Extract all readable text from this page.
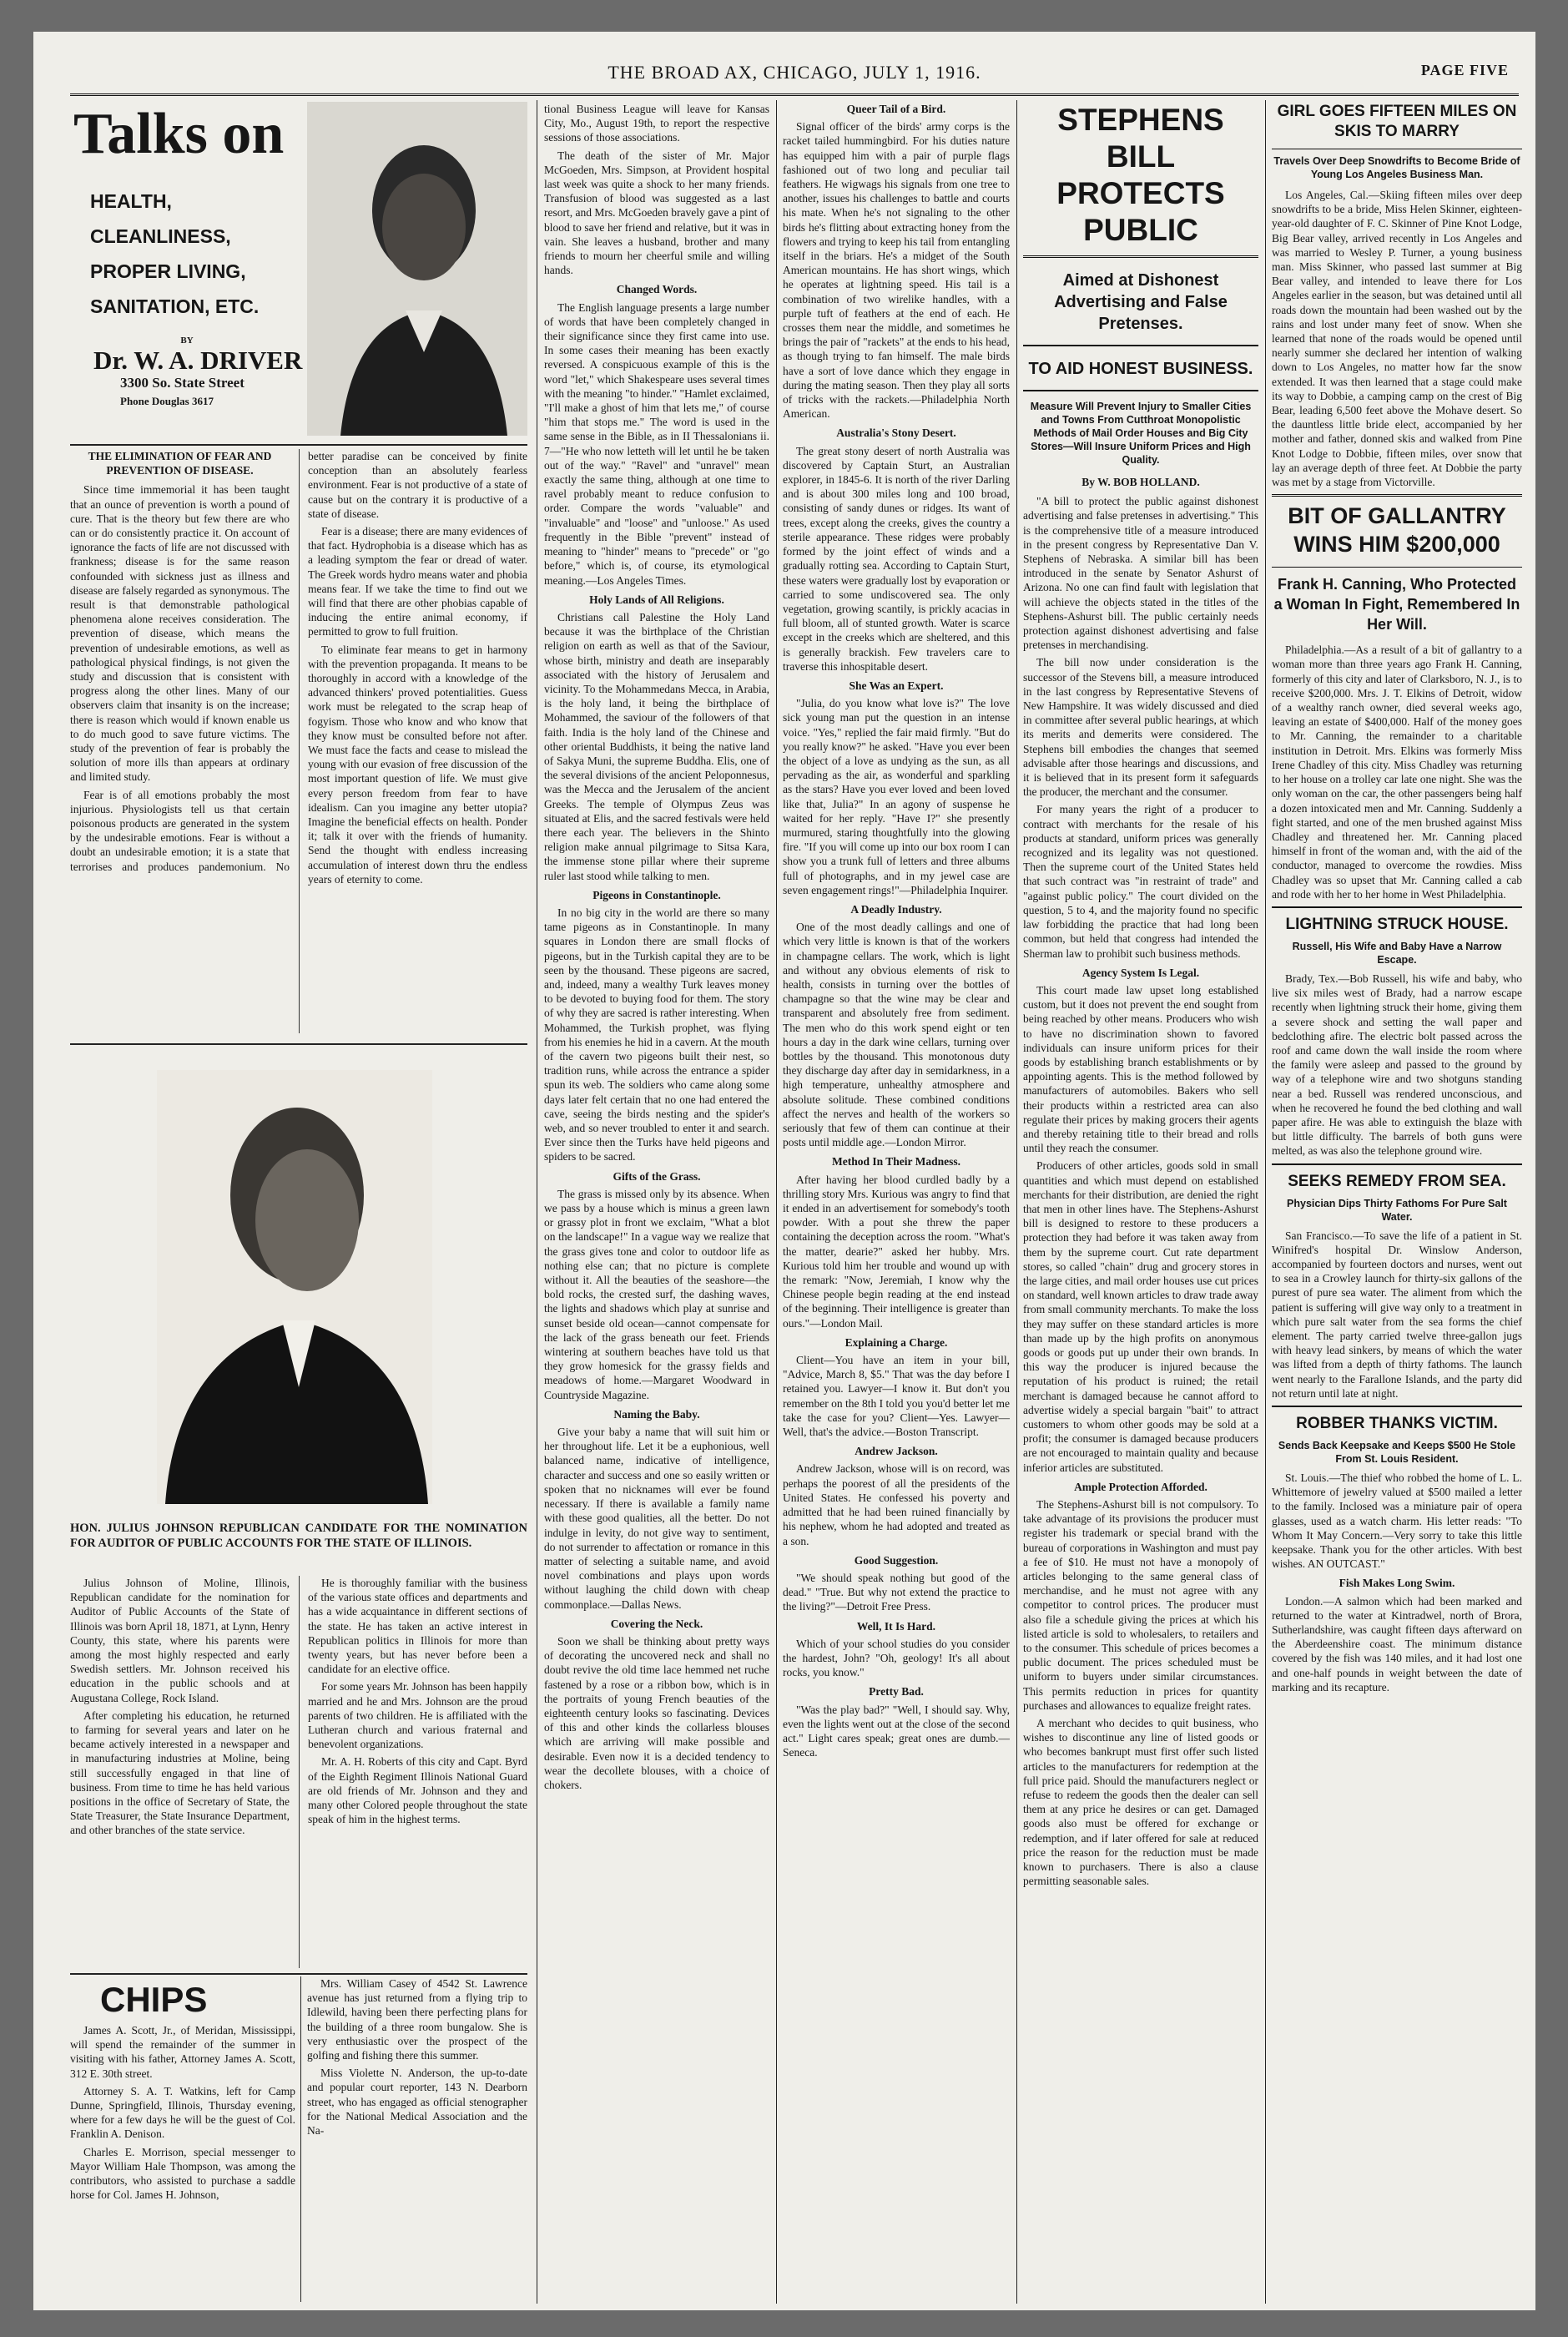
THE BROAD AX, CHICAGO, JULY 1, 1916.	PAGE FIVE
Talks on
HEALTH,
CLEANLINESS,
PROPER LIVING,
SANITATION, ETC.
BY
Dr. W. A. DRIVER
3300 So. State Street
Phone Douglas 3617
THE ELIMINATION OF FEAR AND PREVENTION OF DISEASE.

Since time immemorial it has been taught that an ounce of prevention is worth a pound of cure. That is the theory but few there are who can or do consistently practice it. On account of ignorance the facts of life are not discussed with frankness; disease is for the same reason confounded with sickness just as illness and disease are falsely regarded as synonymous. The result is that demonstrable pathological phenomena alone receives consideration. The prevention of disease, which means the prevention of undesirable emotions, as well as pathological physical findings, is not given the study and discussion that is consistent with progress along the other lines. Many of our observers claim that insanity is on the increase; there is reason which would if known enable us to do much good to save future victims. The study of the prevention of fear is probably the solution of more ills than appears at ordinary and limited study.

Fear is of all emotions probably the most injurious. Physiologists tell us that certain poisonous products are generated in the system by the undesirable emotions. Fear is without a doubt an undesirable emotion; it is a state that terrorises and produces pandemonium. No better paradise can be conceived by finite conception than an absolutely fearless environment. Fear is not productive of a state of cause but on the contrary it is productive of a state of disease.

Fear is a disease; there are many evidences of that fact. Hydrophobia is a disease which has as a leading symptom the fear or dread of water. The Greek words hydro means water and phobia means fear. If we take the time to find out we will find that there are other phobias capable of inducing the entire animal economy, if permitted to grow to full fruition.

To eliminate fear means to get in harmony with the prevention propaganda. It means to be thoroughly in accord with a knowledge of the advanced thinkers' proved potentialities. Guess work must be relegated to the scrap heap of fogyism. Those who know and who know that they know must be consulted before not after. We must face the facts and cease to mislead the young with our evasion of free discussion of the most important question of life. We must give every person freedom from fear to have idealism. Can you imagine any better utopia? Imagine the beneficial effects on health. Ponder it; talk it over with the friends of humanity. Send the thought with endless increasing accumulation of interest down thru the endless years of eternity to come.

HON. JULIUS JOHNSON REPUBLICAN CANDIDATE FOR THE NOMINATION FOR AUDITOR OF PUBLIC ACCOUNTS FOR THE STATE OF ILLINOIS.

Julius Johnson of Moline, Illinois, Republican candidate for the nomination for Auditor of Public Accounts of the State of Illinois was born April 18, 1871, at Lynn, Henry County, this state, where his parents were among the most highly respected and early Swedish settlers. Mr. Johnson received his education in the public schools and at Augustana College, Rock Island.

After completing his education, he returned to farming for several years and later on he became actively interested in a newspaper and in manufacturing industries at Moline, being still successfully engaged in that line of business. From time to time he has held various positions in the office of Secretary of State, the State Treasurer, the State Insurance Department, and other branches of the state service.

He is thoroughly familiar with the business of the various state offices and departments and has a wide acquaintance in different sections of the state. He has taken an active interest in Republican politics in Illinois for more than twenty years, but has never before been a candidate for an elective office.

For some years Mr. Johnson has been happily married and he and Mrs. Johnson are the proud parents of two children. He is affiliated with the Lutheran church and various fraternal and benevolent organizations.

Mr. A. H. Roberts of this city and Capt. Byrd of the Eighth Regiment Illinois National Guard are old friends of Mr. Johnson and they and many other Colored people throughout the state speak of him in the highest terms.

CHIPS

James A. Scott, Jr., of Meridan, Mississippi, will spend the remainder of the summer in visiting with his father, Attorney James A. Scott, 312 E. 30th street.

Attorney S. A. T. Watkins, left for Camp Dunne, Springfield, Illinois, Thursday evening, where for a few days he will be the guest of Col. Franklin A. Denison.

Charles E. Morrison, special messenger to Mayor William Hale Thompson, was among the contributors, who assisted to purchase a saddle horse for Col. James H. Johnson,

Mrs. William Casey of 4542 St. Lawrence avenue has just returned from a flying trip to Idlewild, having been there perfecting plans for the building of a three room bungalow. She is very enthusiastic over the prospect of the golfing and fishing there this summer.

Miss Violette N. Anderson, the up-to-date and popular court reporter, 143 N. Dearborn street, who has engaged as official stenographer for the National Medical Association and the Na-

tional Business League will leave for Kansas City, Mo., August 19th, to report the respective sessions of those associations.

The death of the sister of Mr. Major McGoeden, Mrs. Simpson, at Provident hospital last week was quite a shock to her many friends. Transfusion of blood was suggested as a last resort, and Mrs. McGoeden bravely gave a pint of blood to save her friend and relative, but it was in vain. She leaves a husband, brother and many friends to mourn her cheerful smile and willing hands.

Changed Words.

The English language presents a large number of words that have been completely changed in their significance since they first came into use. In some cases their meaning has been exactly reversed. A conspicuous example of this is the word "let," which Shakespeare uses several times with the meaning "to hinder." "Hamlet exclaimed, "I'll make a ghost of him that lets me," of course "him that stops me." The word is used in the same sense in the Bible, as in II Thessalonians ii. 7—"He who now letteth will let until he be taken out of the way." "Ravel" and "unravel" mean exactly the same thing, although at one time to ravel probably meant to reduce confusion to order. Compare the words "valuable" and "invaluable" and "loose" and "unloose." As used frequently in the Bible "prevent" instead of meaning to "hinder" means to "precede" or "go before," which is, of course, its etymological meaning.—Los Angeles Times.

Holy Lands of All Religions.

Christians call Palestine the Holy Land because it was the birthplace of the Christian religion on earth as well as that of the Saviour, whose birth, ministry and death are inseparably associated with the history of Jerusalem and vicinity. To the Mohammedans Mecca, in Arabia, is the holy land, it being the birthplace of Mohammed, the saviour of the followers of that faith. India is the holy land of the Chinese and other oriental Buddhists, it being the native land of Sakya Muni, the supreme Buddha. Elis, one of the several divisions of the ancient Peloponnesus, was the Mecca and the Jerusalem of the ancient Greeks. The temple of Olympus Zeus was situated at Elis, and the sacred festivals were held there each year. The believers in the Shinto religion make annual pilgrimage to Sitsa Kara, the immense stone pillar where their supreme ruler last stood while talking to men.

Pigeons in Constantinople.

In no big city in the world are there so many tame pigeons as in Constantinople. In many squares in London there are small flocks of pigeons, but in the Turkish capital they are to be seen by the thousand. These pigeons are sacred, and, indeed, many a wealthy Turk leaves money to be devoted to buying food for them. The story of why they are sacred is rather interesting. When Mohammed, the Turkish prophet, was flying from his enemies he hid in a cavern. At the mouth of the cavern two pigeons built their nest, so tradition runs, while across the entrance a spider spun its web. The soldiers who came along some days later felt certain that no one had entered the cave, seeing the birds nesting and the spider's web, and so never troubled to enter it and search. Ever since then the Turks have held pigeons and spiders to be sacred.

Gifts of the Grass.

The grass is missed only by its absence. When we pass by a house which is minus a green lawn or grassy plot in front we exclaim, "What a blot on the landscape!" In a vague way we realize that the grass gives tone and color to outdoor life as nothing else can; that no picture is complete without it. All the beauties of the seashore—the bold rocks, the crested surf, the dashing waves, the lights and shadows which play at sunrise and sunset beside old ocean—cannot compensate for the lack of the grass beneath our feet. Friends wintering at southern beaches have told us that they grow homesick for the grassy fields and meadows of home.—Margaret Woodward in Countryside Magazine.

Naming the Baby.

Give your baby a name that will suit him or her throughout life. Let it be a euphonious, well balanced name, indicative of intelligence, character and success and one so easily written or spoken that no nicknames will ever be found necessary. If there is available a family name with these good qualities, all the better. Do not indulge in levity, do not give way to sentiment, do not surrender to affectation or romance in this matter of selecting a suitable name, and avoid novel combinations and plays upon words without laughing the child down with cheap commonplace.—Dallas News.

Covering the Neck.

Soon we shall be thinking about pretty ways of decorating the uncovered neck and shall no doubt revive the old time lace hemmed net ruche fastened by a rose or a ribbon bow, which is in the portraits of young French beauties of the eighteenth century looks so fascinating. Devices of this and other kinds the collarless blouses which are arriving will make possible and desirable. Even now it is a decided tendency to wear the decollete blouses, with a choice of chokers.

Queer Tail of a Bird.

Signal officer of the birds' army corps is the racket tailed hummingbird. For his duties nature has equipped him with a pair of purple flags fashioned out of two long and peculiar tail feathers. He wigwags his signals from one tree to another, issues his challenges to battle and courts his mate. When he's not signaling to the other birds he's flitting about extracting honey from the flowers and trying to keep his tail from entangling itself in the briars. He's a midget of the South American mountains. He has short wings, which he operates at lightning speed. His tail is a combination of two wirelike handles, with a purple tuft of feathers at the end of each. He crosses them near the middle, and sometimes he brings the pair of "rackets" at the ends to his head, as though trying to fan himself. The male birds have a sort of love dance which they engage in during the mating season. Then they play all sorts of tricks with the rackets.—Philadelphia North American.

Australia's Stony Desert.

The great stony desert of north Australia was discovered by Captain Sturt, an Australian explorer, in 1845-6. It is north of the river Darling and is about 300 miles long and 100 broad, consisting of sandy dunes or ridges. Its want of trees, except along the creeks, gives the country a sterile appearance. These ridges were probably formed by the joint effect of winds and a gradually rotting sea. According to Captain Sturt, these waters were gradually lost by evaporation or carried to some undiscovered sea. The only vegetation, growing scantily, is prickly acacias in full bloom, all of stunted growth. Water is scarce except in the creeks which are sheltered, and this is generally brackish. Few travelers care to traverse this inhospitable desert.

She Was an Expert.

"Julia, do you know what love is?" The love sick young man put the question in an intense voice. "Yes," replied the fair maid firmly. "But do you really know?" he asked. "Have you ever been the object of a love as undying as the sun, as all pervading as the air, as wonderful and sparkling as the stars? Have you ever loved and been loved like that, Julia?" In an agony of suspense he waited for her reply. "Have I?" she presently murmured, staring thoughtfully into the glowing fire. "If you will come up into our box room I can show you a trunk full of letters and three albums full of photographs, and in my jewel case are seven engagement rings!"—Philadelphia Inquirer.

A Deadly Industry.

One of the most deadly callings and one of which very little is known is that of the workers in champagne cellars. The work, which is light and without any obvious elements of risk to health, consists in turning over the bottles of champagne so that the wine may be clear and transparent and absolutely free from sediment. The men who do this work spend eight or ten hours a day in the dark wine cellars, turning over bottles by the thousand. This monotonous duty they discharge day after day in semidarkness, in a high temperature, unhealthy atmosphere and absolute solitude. These combined conditions affect the nerves and health of the workers so seriously that few of them can continue at their posts until middle age.—London Mirror.

Method In Their Madness.

After having her blood curdled badly by a thrilling story Mrs. Kurious was angry to find that it ended in an advertisement for somebody's tooth powder. With a pout she threw the paper containing the deception across the room. "What's the matter, dearie?" asked her hubby. Mrs. Kurious told him her trouble and wound up with the remark: "Now, Jeremiah, I know why the Chinese people begin reading at the end instead of the beginning. Their intelligence is greater than ours."—London Mail.

Explaining a Charge.

Client—You have an item in your bill, "Advice, March 8, $5." That was the day before I retained you. Lawyer—I know it. But don't you remember on the 8th I told you you'd better let me take the case for you? Client—Yes. Lawyer—Well, that's the advice.—Boston Transcript.

Andrew Jackson.

Andrew Jackson, whose will is on record, was perhaps the poorest of all the presidents of the United States. He confessed his poverty and admitted that he had been ruined financially by his nephew, whom he had adopted and treated as a son.

Good Suggestion.

"We should speak nothing but good of the dead." "True. But why not extend the practice to the living?"—Detroit Free Press.

Well, It Is Hard.

Which of your school studies do you consider the hardest, John? "Oh, geology! It's all about rocks, you know."

Pretty Bad.

"Was the play bad?" "Well, I should say. Why, even the lights went out at the close of the second act." Light cares speak; great ones are dumb.—Seneca.

STEPHENS BILL
PROTECTS PUBLIC
Aimed at Dishonest Advertising and False Pretenses.
TO AID HONEST BUSINESS.
Measure Will Prevent Injury to Smaller Cities and Towns From Cutthroat Monopolistic Methods of Mail Order Houses and Big City Stores—Will Insure Uniform Prices and High Quality.
By W. BOB HOLLAND.

"A bill to protect the public against dishonest advertising and false pretenses in advertising." This is the comprehensive title of a measure introduced in the present congress by Representative Dan V. Stephens of Nebraska. A similar bill has been introduced in the senate by Senator Ashurst of Arizona. No one can find fault with legislation that will achieve the objects stated in the titles of the Stephens-Ashurst bill. The public certainly needs protection against dishonest advertising and false pretenses in merchandising.

The bill now under consideration is the successor of the Stevens bill, a measure introduced in the last congress by Representative Stevens of New Hampshire. It was widely discussed and died in committee after several public hearings, at which its merits and demerits were considered. The Stephens bill embodies the changes that seemed advisable after those hearings and discussions, and it is believed that in its present form it safeguards the producer, the merchant and the consumer.

For many years the right of a producer to contract with merchants for the resale of his products at standard, uniform prices was generally recognized and its legality was not questioned. Then the supreme court of the United States held that such contract was "in restraint of trade" and "against public policy." The court divided on the question, 5 to 4, and the majority found no specific law forbidding the practice that had long been common, but held that congress had intended the Sherman law to prohibit such business methods.

Agency System Is Legal.

This court made law upset long established custom, but it does not prevent the end sought from being reached by other means. Producers who wish to have no discrimination shown to favored individuals can insure uniform prices for their goods by establishing branch establishments or by appointing agents. This is the method followed by manufacturers of automobiles. Bakers who sell their products within a restricted area can also regulate their prices by making grocers their agents and thereby retaining title to their bread and rolls until they reach the consumer.

Producers of other articles, goods sold in small quantities and which must depend on established merchants for their distribution, are denied the right that men in other lines have. The Stephens-Ashurst bill is designed to restore to these producers a protection they had before it was taken away from them by the supreme court. Cut rate department stores, so called "chain" drug and grocery stores in the large cities, and mail order houses use cut prices on standard, well known articles to draw trade away from small community merchants. To make the loss they may suffer on these standard articles is more than made up by the high profits on anonymous goods or goods put up under their own brands. In this way the producer is injured because the reputation of his product is ruined; the retail merchant is damaged because he cannot afford to advertise widely a special bargain "bait" to attract customers to whom other goods may be sold at a profit; the consumer is damaged because producers are not encouraged to maintain quality and because inferior articles are substituted.

Ample Protection Afforded.

The Stephens-Ashurst bill is not compulsory. To take advantage of its provisions the producer must register his trademark or special brand with the bureau of corporations in Washington and must pay a fee of $10. He must not have a monopoly of articles belonging to the same general class of merchandise, and he must not agree with any competitor to control prices. The producer must also file a schedule giving the prices at which his listed article is sold to wholesalers, to retailers and to the consumer. This schedule of prices becomes a public document. The prices scheduled must be uniform to buyers under similar circumstances. This permits reduction in prices for quantity purchases and allowances to equalize freight rates.

A merchant who decides to quit business, who wishes to discontinue any line of listed goods or who becomes bankrupt must first offer such listed articles to the manufacturers for redemption at the full price paid. Should the manufacturers neglect or refuse to redeem the goods then the dealer can sell them at any price he desires or can get. Damaged goods also must be offered for exchange or redemption, and if later offered for sale at reduced price the reason for the reduction must be made known to purchasers. There is also a clause permitting seasonable sales.

GIRL GOES FIFTEEN MILES ON SKIS TO MARRY
Travels Over Deep Snowdrifts to Become Bride of Young Los Angeles Business Man.

Los Angeles, Cal.—Skiing fifteen miles over deep snowdrifts to be a bride, Miss Helen Skinner, eighteen-year-old daughter of F. C. Skinner of Pine Knot Lodge, Big Bear valley, arrived recently in Los Angeles and was married to Wesley P. Turner, a young business man. Miss Skinner, who passed last summer at Big Bear valley, and intended to leave there for Los Angeles earlier in the season, but was detained until all roads down the mountain had been washed out by the rains and lost under many feet of snow. When she learned that none of the roads would be opened until nearly summer she declared her intention of walking down to Los Angeles, no matter how far the snow extended. It was then learned that a stage could make its way to Dobbie, a camping camp on the crest of Big Bear, leading 6,500 feet above the Mohave desert. So the dauntless little bride elect, accompanied by her mother and father, donned skis and walked from Pine Knot Lodge to Dobbie, fifteen miles, over snow that lay an average depth of three feet. At Dobbie the party was met by a stage from Victorville.

BIT OF GALLANTRY WINS HIM $200,000
Frank H. Canning, Who Protected a Woman In Fight, Remembered In Her Will.

Philadelphia.—As a result of a bit of gallantry to a woman more than three years ago Frank H. Canning, formerly of this city and later of Clarksboro, N. J., is to receive $200,000. Mrs. J. T. Elkins of Detroit, widow of a wealthy ranch owner, died several weeks ago, leaving an estate of $400,000. Half of the money goes to Mr. Canning, the remainder to a charitable institution in Detroit. Mrs. Elkins was formerly Miss Irene Chadley of this city. Miss Chadley was returning to her house on a trolley car late one night. She was the only woman on the car, the other passengers being half a dozen intoxicated men and Mr. Canning. Suddenly a fight started, and one of the men brushed against Miss Chadley and threatened her. Mr. Canning placed himself in front of the woman and, with the aid of the conductor, managed to overcome the rowdies. Miss Chadley was so upset that Mr. Canning called a cab and rode with her to her home in West Philadelphia.

LIGHTNING STRUCK HOUSE.
Russell, His Wife and Baby Have a Narrow Escape.

Brady, Tex.—Bob Russell, his wife and baby, who live six miles west of Brady, had a narrow escape recently when lightning struck their home, giving them a severe shock and setting the wall paper and bedclothing afire. The electric bolt passed across the roof and came down the wall inside the room where the family were asleep and passed to the ground by way of a telephone wire and two shotguns standing near a bed. Russell was rendered unconscious, and when he recovered he found the bed clothing and wall paper afire. He was able to extinguish the blaze with but little difficulty. The barrels of both guns were melted, as was also the telephone ground wire.

SEEKS REMEDY FROM SEA.
Physician Dips Thirty Fathoms For Pure Salt Water.

San Francisco.—To save the life of a patient in St. Winifred's hospital Dr. Winslow Anderson, accompanied by fourteen doctors and nurses, went out to sea in a Crowley launch for thirty-six gallons of the purest of pure sea water. The aliment from which the patient is suffering will give way only to a treatment in which pure salt water from the sea forms the chief element. The party carried twelve three-gallon jugs with heavy lead sinkers, by means of which the water was lifted from a depth of thirty fathoms. The launch went nearly to the Farallone Islands, and the party did not return until late at night.

ROBBER THANKS VICTIM.
Sends Back Keepsake and Keeps $500 He Stole From St. Louis Resident.

St. Louis.—The thief who robbed the home of L. L. Whittemore of jewelry valued at $500 mailed a letter to the family. Inclosed was a miniature pair of opera glasses, used as a watch charm. His letter reads: "To Whom It May Concern.—Very sorry to take this little keepsake. Thank you for the other articles. With best wishes. AN OUTCAST."

Fish Makes Long Swim.

London.—A salmon which had been marked and returned to the water at Kintradwel, north of Brora, Sutherlandshire, was caught fifteen days afterward on the Aberdeenshire coast. The minimum distance covered by the fish was 140 miles, and it had lost one and one-half pounds in weight between the date of marking and its recapture.
